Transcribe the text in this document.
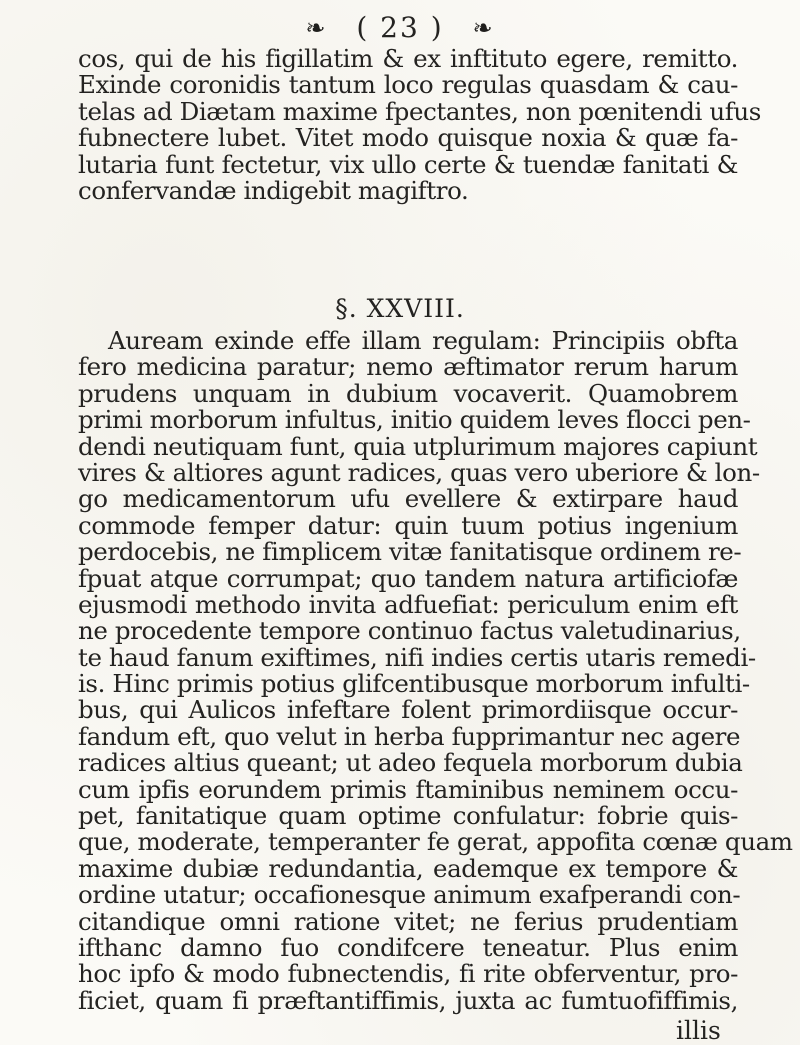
❧ ( 23 ) ❧
cos, qui de his figillatim & ex inftituto egere, remitto.
Exinde coronidis tantum loco regulas quasdam & cau-
telas ad Diætam maxime fpectantes, non pœnitendi ufus
fubnectere lubet. Vitet modo quisque noxia & quæ fa-
lutaria funt fectetur, vix ullo certe & tuendæ fanitati &
confervandæ indigebit magiftro.
§. XXVIII.
Auream exinde effe illam regulam: Principiis obfta
fero medicina paratur; nemo æftimator rerum harum
prudens unquam in dubium vocaverit. Quamobrem
primi morborum infultus, initio quidem leves flocci pen-
dendi neutiquam funt, quia utplurimum majores capiunt
vires & altiores agunt radices, quas vero uberiore & lon-
go medicamentorum ufu evellere & extirpare haud
commode femper datur: quin tuum potius ingenium
perdocebis, ne fimplicem vitæ fanitatisque ordinem re-
fpuat atque corrumpat; quo tandem natura artificiofæ
ejusmodi methodo invita adfuefiat: periculum enim eft
ne procedente tempore continuo factus valetudinarius,
te haud fanum exiftimes, nifi indies certis utaris remedi-
is. Hinc primis potius glifcentibusque morborum infulti-
bus, qui Aulicos infeftare folent primordiisque occur-
fandum eft, quo velut in herba fupprimantur nec agere
radices altius queant; ut adeo fequela morborum dubia
cum ipfis eorundem primis ftaminibus neminem occu-
pet, fanitatique quam optime confulatur: fobrie quis-
que, moderate, temperanter fe gerat, appofita cœnæ quam
maxime dubiæ redundantia, eademque ex tempore &
ordine utatur; occafionesque animum exafperandi con-
citandique omni ratione vitet; ne ferius prudentiam
ifthanc damno fuo condifcere teneatur. Plus enim
hoc ipfo & modo fubnectendis, fi rite obferventur, pro-
ficiet, quam fi præftantiffimis, juxta ac fumtuofiffimis,
illis
